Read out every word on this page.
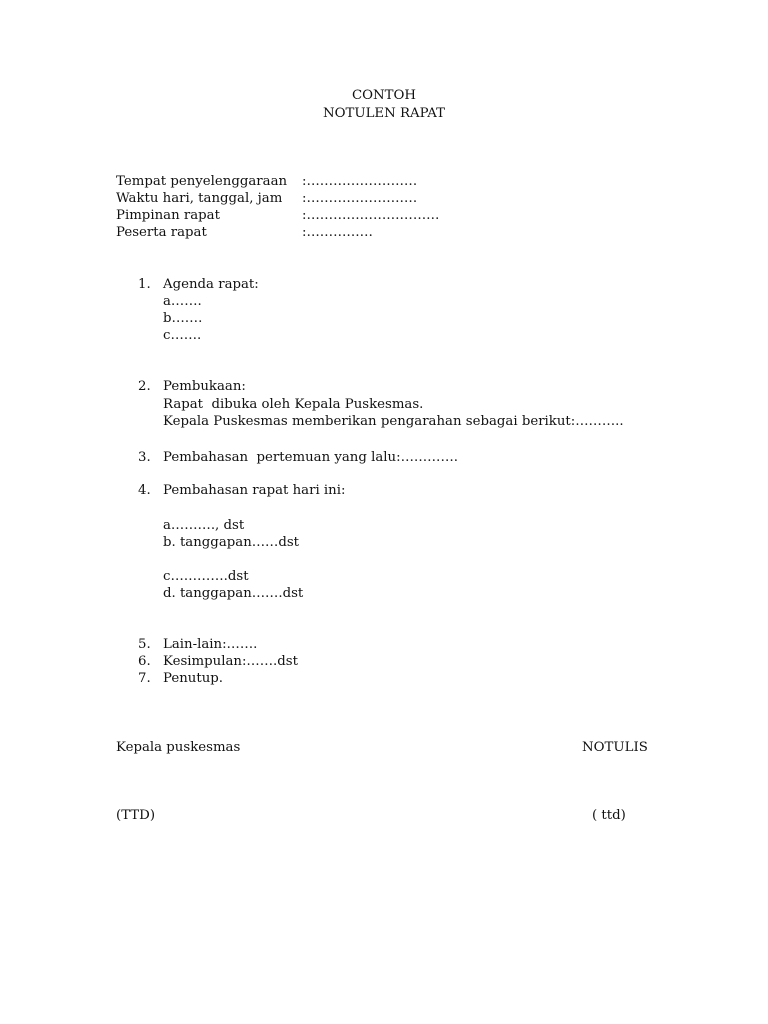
CONTOH
NOTULEN RAPAT
Tempat penyelenggaraan :…………………….
Waktu hari, tanggal, jam :…………………….
Pimpinan rapat	:…………………………
Peserta rapat	:……………
1. Agenda rapat:
a…….
b…….
c…….
2. Pembukaan:
Rapat  dibuka oleh Kepala Puskesmas.
Kepala Puskesmas memberikan pengarahan sebagai berikut:………..
3. Pembahasan  pertemuan yang lalu:………….
4. Pembahasan rapat hari ini:
a………., dst
b. tanggapan……dst
c………….dst
d. tanggapan…….dst
5. Lain-lain:…….
6. Kesimpulan:…….dst
7. Penutup.
Kepala puskesmas	NOTULIS
(TTD)	( ttd)
